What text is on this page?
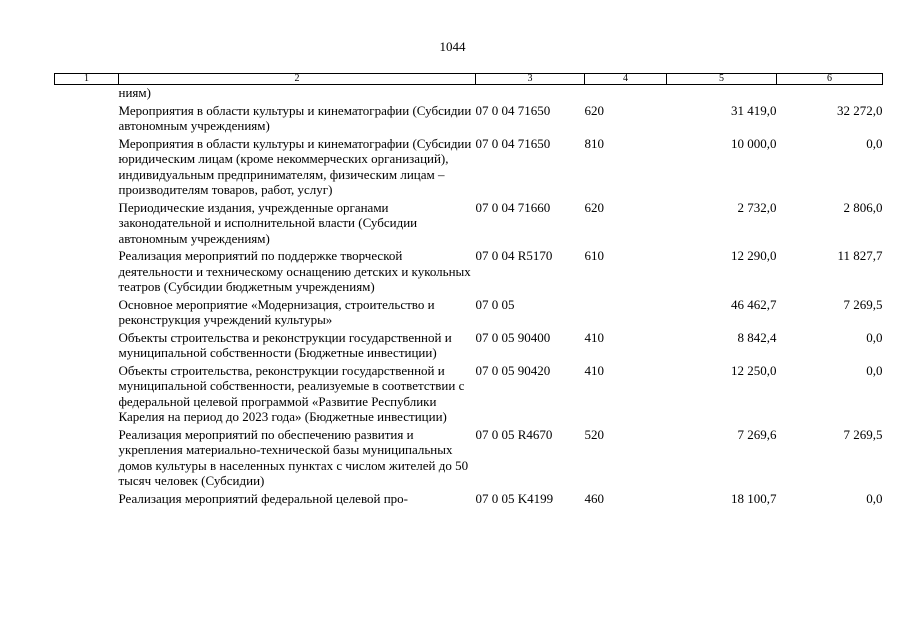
1044
1	2	3	4	5	6
	ниям)				
	Мероприятия в области культуры и кинематографии (Субсидии автономным учреждениям)	07 0 04 71650	620	31 419,0	32 272,0
	Мероприятия в области культуры и кинематографии (Субсидии юридическим лицам (кроме некоммерческих организаций), индивидуальным предпринимателям, физическим лицам – производителям товаров, работ, услуг)	07 0 04 71650	810	10 000,0	0,0
	Периодические издания, учрежденные органами законодательной и исполнительной власти (Субсидии автономным учреждениям)	07 0 04 71660	620	2 732,0	2 806,0
	Реализация мероприятий по поддержке творческой деятельности и техническому оснащению детских и кукольных театров (Субсидии бюджетным учреждениям)	07 0 04 R5170	610	12 290,0	11 827,7
	Основное мероприятие «Модернизация, строительство и реконструкция учреждений культуры»	07 0 05		46 462,7	7 269,5
	Объекты строительства и реконструкции государственной и муниципальной собственности (Бюджетные инвестиции)	07 0 05 90400	410	8 842,4	0,0
	Объекты строительства, реконструкции государственной и муниципальной собственности, реализуемые в соответствии с федеральной целевой программой «Развитие Республики Карелия на период до 2023 года» (Бюджетные инвестиции)	07 0 05 90420	410	12 250,0	0,0
	Реализация мероприятий по обеспечению развития и укрепления материально-технической базы муниципальных домов культуры в населенных пунктах с числом жителей до 50 тысяч человек (Субсидии)	07 0 05 R4670	520	7 269,6	7 269,5
	Реализация мероприятий федеральной целевой про-	07 0 05 K4199	460	18 100,7	0,0
